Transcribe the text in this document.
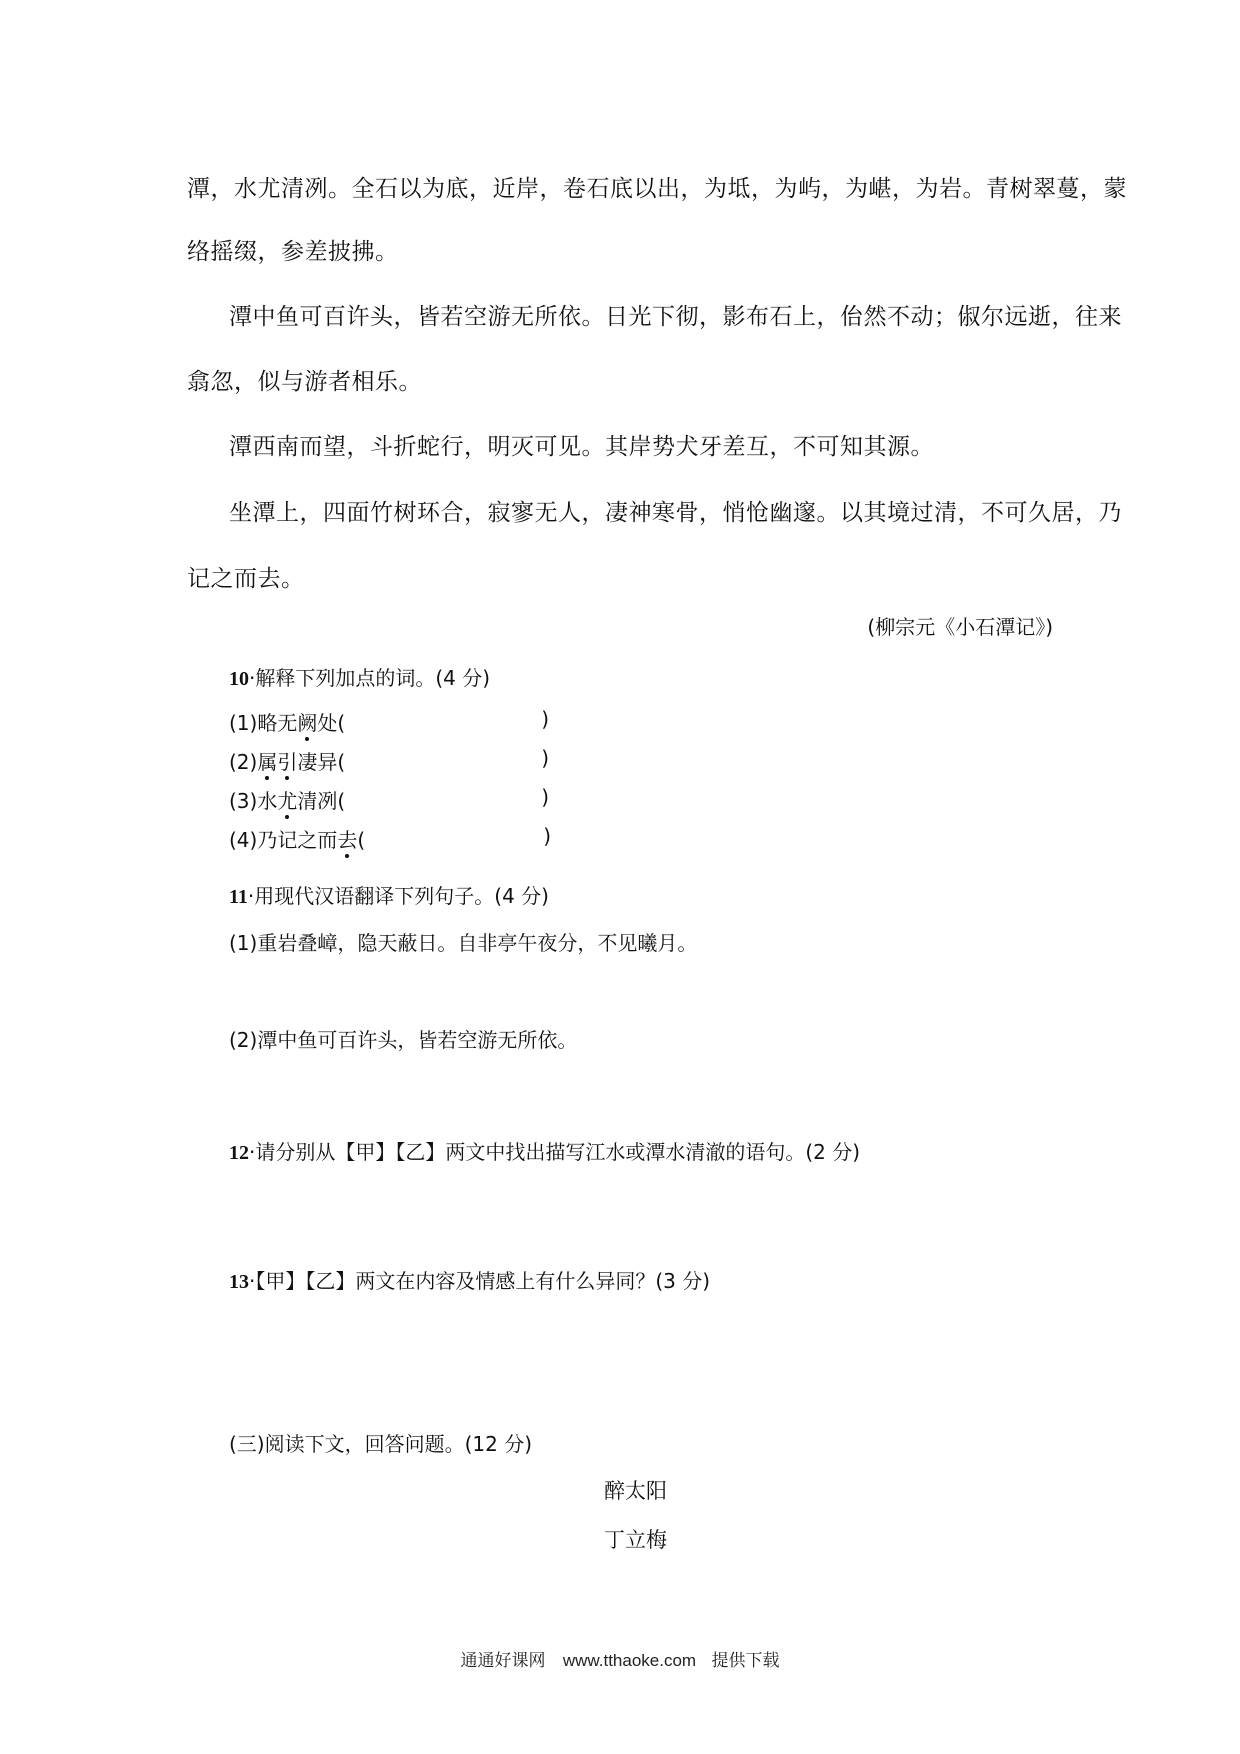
潭，水尤清冽。全石以为底，近岸，卷石底以出，为坻，为屿，为嵁，为岩。青树翠蔓，蒙
络摇缀，参差披拂。
潭中鱼可百许头，皆若空游无所依。日光下彻，影布石上，佁然不动；俶尔远逝，往来
翕忽，似与游者相乐。
潭西南而望，斗折蛇行，明灭可见。其岸势犬牙差互，不可知其源。
坐潭上，四面竹树环合，寂寥无人，凄神寒骨，悄怆幽邃。以其境过清，不可久居，乃
记之而去。
(柳宗元《小石潭记》)
10·解释下列加点的词。(4 分)
(1)略无阙处(	)
(2)属引凄异(	)
(3)水尤清冽(	)
(4)乃记之而去(	)
11·用现代汉语翻译下列句子。(4 分)
(1)重岩叠嶂，隐天蔽日。自非亭午夜分，不见曦月。
(2)潭中鱼可百许头，皆若空游无所依。
12·请分别从【甲】【乙】两文中找出描写江水或潭水清澈的语句。(2 分)
13·【甲】【乙】两文在内容及情感上有什么异同？(3 分)
(三)阅读下文，回答问题。(12 分)
醉太阳
丁立梅
通通好课网 www.tthaoke.com 提供下载
